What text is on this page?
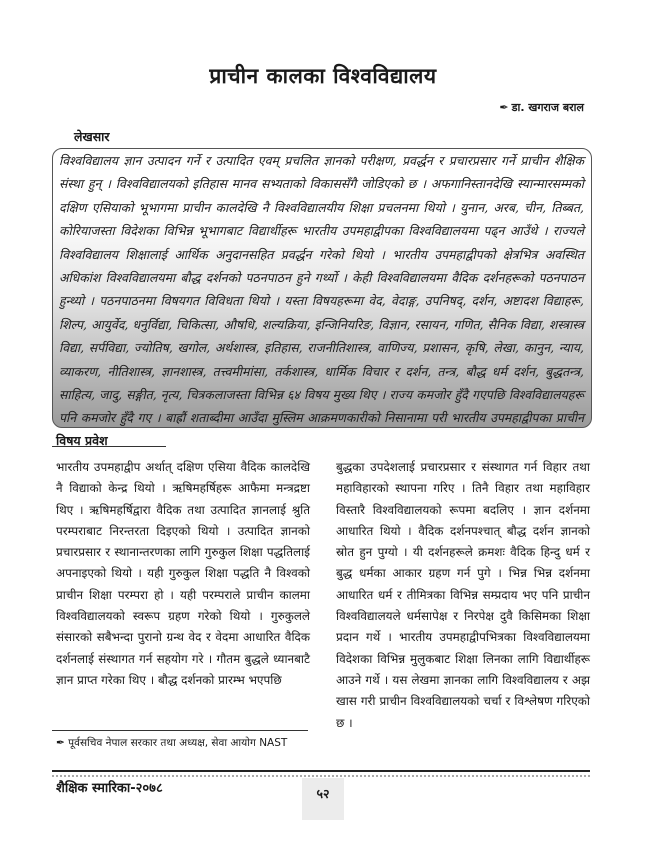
प्राचीन कालका विश्वविद्यालय
✒ डा. खगराज बराल
लेखसार

विश्वविद्यालय ज्ञान उत्पादन गर्ने र उत्पादित एवम् प्रचलित ज्ञानको परीक्षण, प्रवर्द्धन र प्रचारप्रसार गर्ने प्राचीन शैक्षिक संस्था हुन् । विश्वविद्यालयको इतिहास मानव सभ्यताको विकाससँगै जोडिएको छ । अफगानिस्तानदेखि स्यान्मारसम्मको दक्षिण एसियाको भूभागमा प्राचीन कालदेखि नै विश्वविद्यालयीय शिक्षा प्रचलनमा थियो । युनान, अरब, चीन, तिब्बत, कोरियाजस्ता विदेशका विभिन्न भूभागबाट विद्यार्थीहरू भारतीय उपमहाद्वीपका विश्वविद्यालयमा पढ्न आउँथे । राज्यले विश्वविद्यालय शिक्षालाई आर्थिक अनुदानसहित प्रवर्द्धन गरेको थियो । भारतीय उपमहाद्वीपको क्षेत्रभित्र अवस्थित अधिकांश विश्वविद्यालयमा बौद्ध दर्शनको पठनपाठन हुने गर्थ्यो । केही विश्वविद्यालयमा वैदिक दर्शनहरूको पठनपाठन हुन्थ्यो । पठनपाठनमा विषयगत विविधता थियो । यस्ता विषयहरूमा वेद, वेदाङ्ग, उपनिषद्, दर्शन, अष्टादश विद्याहरू, शिल्प, आयुर्वेद, धनुर्विद्या, चिकित्सा, औषधि, शल्यक्रिया, इन्जिनियरिङ, विज्ञान, रसायन, गणित, सैनिक विद्या, शस्त्रास्त्र विद्या, सर्पविद्या, ज्योतिष, खगोल, अर्थशास्त्र, इतिहास, राजनीतिशास्त्र, वाणिज्य, प्रशासन, कृषि, लेखा, कानुन, न्याय, व्याकरण, नीतिशास्त्र, ज्ञानशास्त्र, तत्त्वमीमांसा, तर्कशास्त्र, धार्मिक विचार र दर्शन, तन्त्र, बौद्ध धर्म दर्शन, बुद्धतन्त्र, साहित्य, जादु, सङ्गीत, नृत्य, चित्रकलाजस्ता विभिन्न ६४ विषय मुख्य थिए । राज्य कमजोर हुँदै गएपछि विश्वविद्यालयहरू पनि कमजोर हुँदै गए । बाह्रौं शताब्दीमा आउँदा मुस्लिम आक्रमणकारीको निसानामा परी भारतीय उपमहाद्वीपका प्राचीन

विषय प्रवेश

भारतीय उपमहाद्वीप अर्थात् दक्षिण एसिया वैदिक कालदेखि नै विद्याको केन्द्र थियो । ऋषिमहर्षिहरू आफैमा मन्त्रद्रष्टा थिए । ऋषिमहर्षिद्वारा वैदिक तथा उत्पादित ज्ञानलाई श्रुति परम्पराबाट निरन्तरता दिइएको थियो । उत्पादित ज्ञानको प्रचारप्रसार र स्थानान्तरणका लागि गुरुकुल शिक्षा पद्धतिलाई अपनाइएको थियो । यही गुरुकुल शिक्षा पद्धति नै विश्वको प्राचीन शिक्षा परम्परा हो । यही परम्पराले प्राचीन कालमा विश्वविद्यालयको स्वरूप ग्रहण गरेको थियो । गुरुकुलले संसारको सबैभन्दा पुरानो ग्रन्थ वेद र वेदमा आधारित वैदिक दर्शनलाई संस्थागत गर्न सहयोग गरे । गौतम बुद्धले ध्यानबाटै ज्ञान प्राप्त गरेका थिए । बौद्ध दर्शनको प्रारम्भ भएपछि

बुद्धका उपदेशलाई प्रचारप्रसार र संस्थागत गर्न विहार तथा महाविहारको स्थापना गरिए । तिनै विहार तथा महाविहार विस्तारै विश्वविद्यालयको रूपमा बदलिए । ज्ञान दर्शनमा आधारित थियो । वैदिक दर्शनपश्चात् बौद्ध दर्शन ज्ञानको स्रोत हुन पुग्यो । यी दर्शनहरूले क्रमशः वैदिक हिन्दु धर्म र बुद्ध धर्मका आकार ग्रहण गर्न पुगे । भिन्न भिन्न दर्शनमा आधारित धर्म र तीमित्रका विभिन्न सम्प्रदाय भए पनि प्राचीन विश्वविद्यालयले धर्मसापेक्ष र निरपेक्ष दुवै किसिमका शिक्षा प्रदान गर्थे । भारतीय उपमहाद्वीपभित्रका विश्वविद्यालयमा विदेशका विभिन्न मुलुकबाट शिक्षा लिनका लागि विद्यार्थीहरू आउने गर्थे । यस लेखमा ज्ञानका लागि विश्वविद्यालय र अझ खास गरी प्राचीन विश्वविद्यालयको चर्चा र विश्लेषण गरिएको छ ।

✒ पूर्वसचिव नेपाल सरकार तथा अध्यक्ष, सेवा आयोग NAST
शैक्षिक स्मारिका-२०७८	५२
